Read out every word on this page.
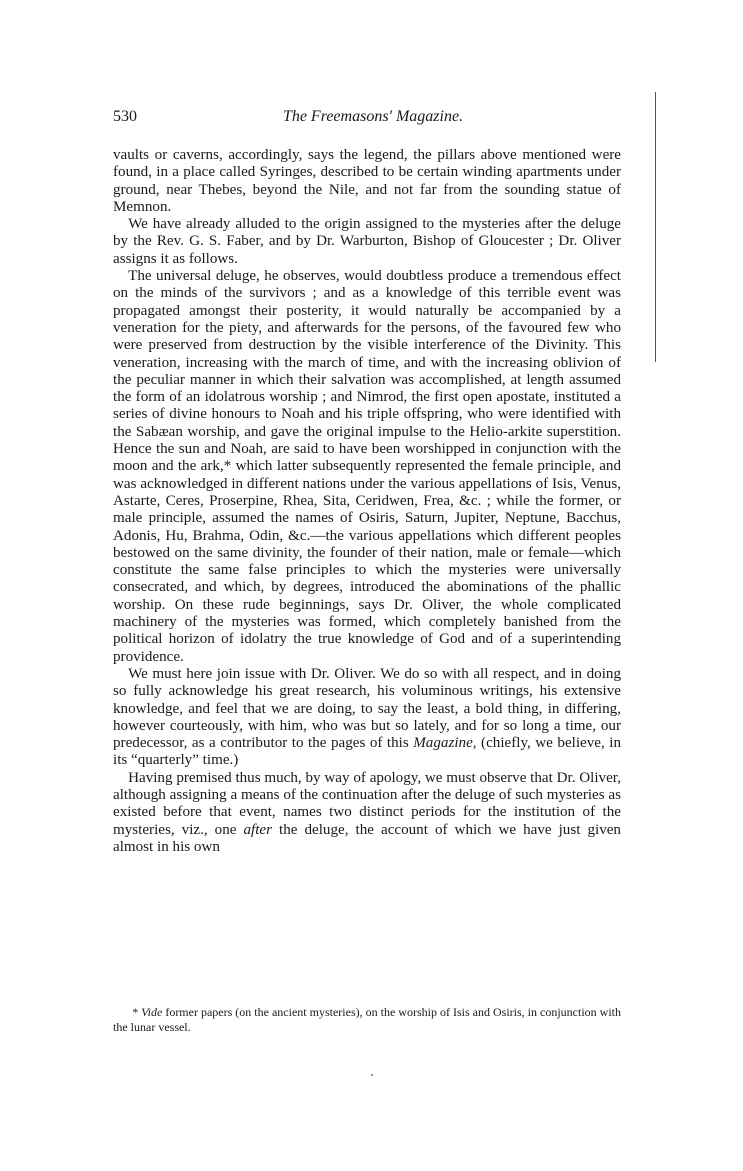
530	The Freemasons' Magazine.

vaults or caverns, accordingly, says the legend, the pillars above mentioned were found, in a place called Syringes, described to be certain winding apartments under ground, near Thebes, beyond the Nile, and not far from the sounding statue of Memnon.

We have already alluded to the origin assigned to the mysteries after the deluge by the Rev. G. S. Faber, and by Dr. Warburton, Bishop of Gloucester ; Dr. Oliver assigns it as follows.

The universal deluge, he observes, would doubtless produce a tremendous effect on the minds of the survivors ; and as a knowledge of this terrible event was propagated amongst their posterity, it would naturally be accompanied by a veneration for the piety, and afterwards for the persons, of the favoured few who were preserved from destruction by the visible interference of the Divinity. This veneration, increasing with the march of time, and with the increasing oblivion of the peculiar manner in which their salvation was accomplished, at length assumed the form of an idolatrous worship ; and Nimrod, the first open apostate, instituted a series of divine honours to Noah and his triple offspring, who were identified with the Sabæan worship, and gave the original impulse to the Helio-arkite superstition. Hence the sun and Noah, are said to have been worshipped in conjunction with the moon and the ark,* which latter subsequently represented the female principle, and was acknowledged in different nations under the various appellations of Isis, Venus, Astarte, Ceres, Proserpine, Rhea, Sita, Ceridwen, Frea, &c. ; while the former, or male principle, assumed the names of Osiris, Saturn, Jupiter, Neptune, Bacchus, Adonis, Hu, Brahma, Odin, &c.—the various appellations which different peoples bestowed on the same divinity, the founder of their nation, male or female—which constitute the same false principles to which the mysteries were universally consecrated, and which, by degrees, introduced the abominations of the phallic worship. On these rude beginnings, says Dr. Oliver, the whole complicated machinery of the mysteries was formed, which completely banished from the political horizon of idolatry the true knowledge of God and of a superintending providence.

We must here join issue with Dr. Oliver. We do so with all respect, and in doing so fully acknowledge his great research, his voluminous writings, his extensive knowledge, and feel that we are doing, to say the least, a bold thing, in differing, however courteously, with him, who was but so lately, and for so long a time, our predecessor, as a contributor to the pages of this Magazine, (chiefly, we believe, in its “quarterly” time.)

Having premised thus much, by way of apology, we must observe that Dr. Oliver, although assigning a means of the continuation after the deluge of such mysteries as existed before that event, names two distinct periods for the institution of the mysteries, viz., one after the deluge, the account of which we have just given almost in his own

* Vide former papers (on the ancient mysteries), on the worship of Isis and Osiris, in conjunction with the lunar vessel.
